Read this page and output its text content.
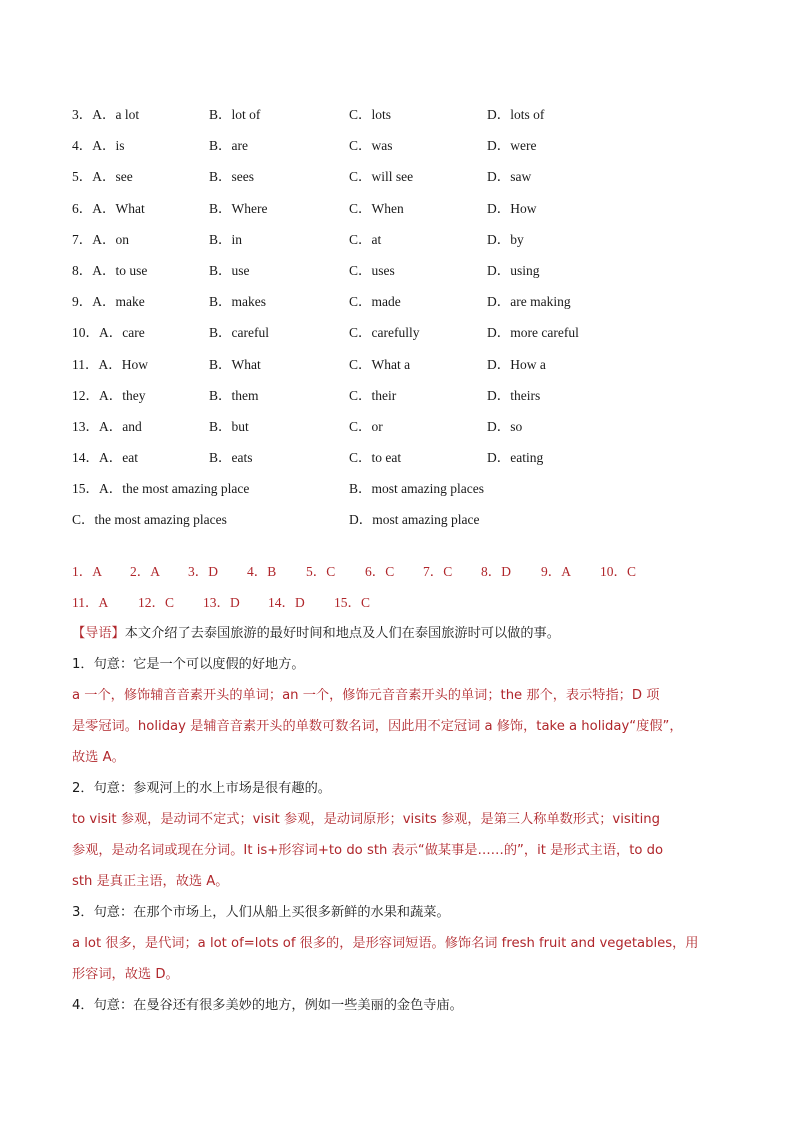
3．A．a lot	B．lot of	C．lots	D．lots of
4．A．is	B．are	C．was	D．were
5．A．see	B．sees	C．will see	D．saw
6．A．What	B．Where	C．When	D．How
7．A．on	B．in	C．at	D．by
8．A．to use	B．use	C．uses	D．using
9．A．make	B．makes	C．made	D．are making
10．A．care	B．careful	C．carefully	D．more careful
11．A．How	B．What	C．What a	D．How a
12．A．they	B．them	C．their	D．theirs
13．A．and	B．but	C．or	D．so
14．A．eat	B．eats	C．to eat	D．eating
15．A．the most amazing place	B．most amazing places
C．the most amazing places	D．most amazing place
1．A 2．A 3．D 4．B 5．C 6．C 7．C 8．D 9．A 10．C
11．A 12．C 13．D 14．D 15．C

【导语】本文介绍了去泰国旅游的最好时间和地点及人们在泰国旅游时可以做的事。

1．句意：它是一个可以度假的好地方。

a 一个，修饰辅音音素开头的单词；an 一个，修饰元音音素开头的单词；the 那个，表示特指；D 项

是零冠词。holiday 是辅音音素开头的单数可数名词，因此用不定冠词 a 修饰，take a holiday“度假”，

故选 A。

2．句意：参观河上的水上市场是很有趣的。

to visit 参观，是动词不定式；visit 参观，是动词原形；visits 参观，是第三人称单数形式；visiting

参观，是动名词或现在分词。It is+形容词+to do sth 表示“做某事是……的”，it 是形式主语，to do

sth 是真正主语，故选 A。

3．句意：在那个市场上，人们从船上买很多新鲜的水果和蔬菜。

a lot 很多，是代词；a lot of=lots of 很多的，是形容词短语。修饰名词 fresh fruit and vegetables，用

形容词，故选 D。

4．句意：在曼谷还有很多美妙的地方，例如一些美丽的金色寺庙。
